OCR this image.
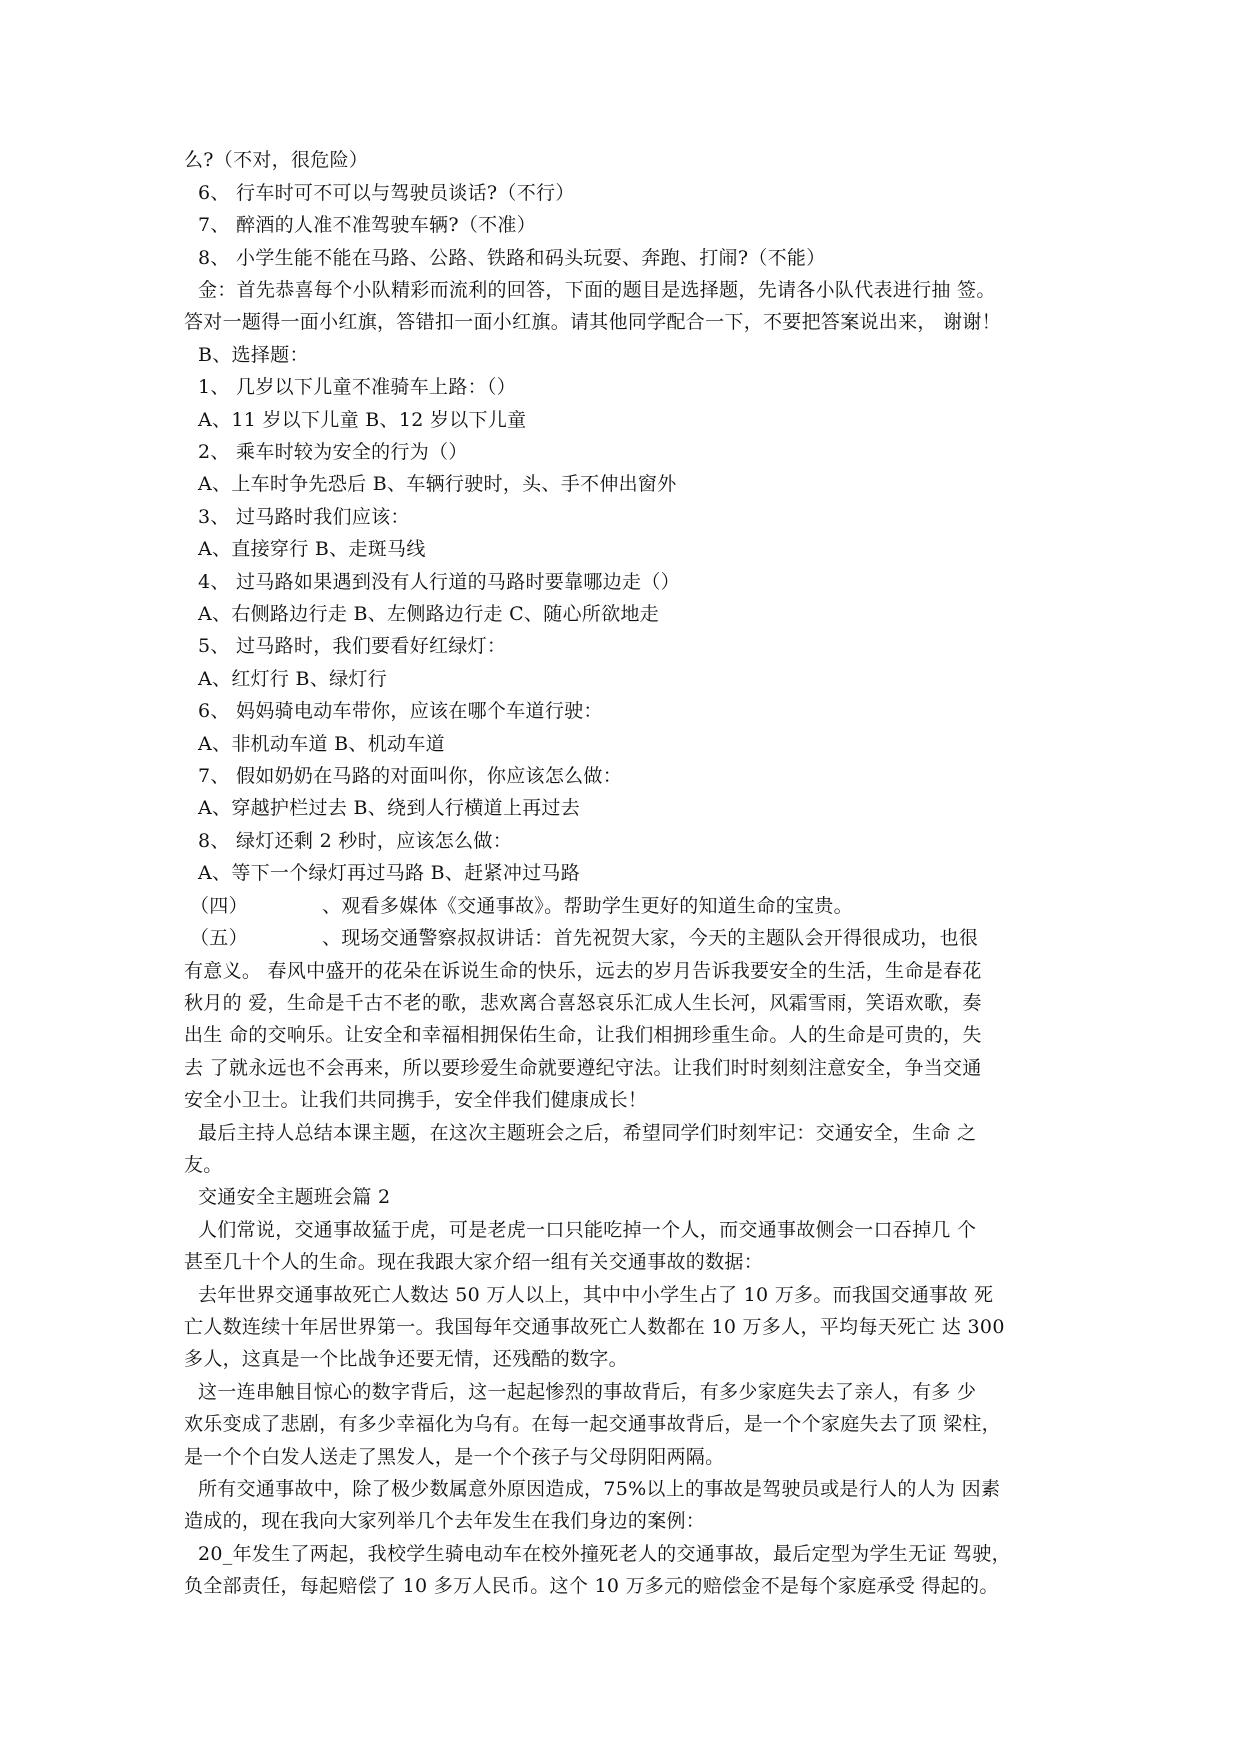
么?（不对，很危险）
6、 行车时可不可以与驾驶员谈话?（不行）
7、 醉酒的人准不准驾驶车辆?（不准）
8、 小学生能不能在马路、公路、铁路和码头玩耍、奔跑、打闹?（不能）
金：首先恭喜每个小队精彩而流利的回答，下面的题目是选择题，先请各小队代表进行抽 签。
答对一题得一面小红旗，答错扣一面小红旗。请其他同学配合一下，不要把答案说出来， 谢谢！
B、选择题：
1、 几岁以下儿童不准骑车上路：（）
A、11 岁以下儿童 B、12 岁以下儿童
2、 乘车时较为安全的行为（）
A、上车时争先恐后 B、车辆行驶时，头、手不伸出窗外
3、 过马路时我们应该：
A、直接穿行 B、走斑马线
4、 过马路如果遇到没有人行道的马路时要靠哪边走（）
A、右侧路边行走 B、左侧路边行走 C、随心所欲地走
5、 过马路时，我们要看好红绿灯：
A、红灯行 B、绿灯行
6、 妈妈骑电动车带你，应该在哪个车道行驶：
A、非机动车道 B、机动车道
7、 假如奶奶在马路的对面叫你，你应该怎么做：
A、穿越护栏过去 B、绕到人行横道上再过去
8、 绿灯还剩 2 秒时，应该怎么做：
A、等下一个绿灯再过马路 B、赶紧冲过马路
（四）	、观看多媒体《交通事故》。帮助学生更好的知道生命的宝贵。
（五）	、现场交通警察叔叔讲话：首先祝贺大家，今天的主题队会开得很成功，也很
有意义。 春风中盛开的花朵在诉说生命的快乐，远去的岁月告诉我要安全的生活，生命是春花
秋月的 爱，生命是千古不老的歌，悲欢离合喜怒哀乐汇成人生长河，风霜雪雨，笑语欢歌，奏
出生 命的交响乐。让安全和幸福相拥保佑生命，让我们相拥珍重生命。人的生命是可贵的，失
去 了就永远也不会再来，所以要珍爱生命就要遵纪守法。让我们时时刻刻注意安全，争当交通
安全小卫士。让我们共同携手，安全伴我们健康成长！
最后主持人总结本课主题，在这次主题班会之后，希望同学们时刻牢记：交通安全，生命 之
友。
交通安全主题班会篇 2
人们常说，交通事故猛于虎，可是老虎一口只能吃掉一个人，而交通事故侧会一口吞掉几 个
甚至几十个人的生命。现在我跟大家介绍一组有关交通事故的数据：
去年世界交通事故死亡人数达 50 万人以上，其中中小学生占了 10 万多。而我国交通事故 死
亡人数连续十年居世界第一。我国每年交通事故死亡人数都在 10 万多人，平均每天死亡 达 300
多人，这真是一个比战争还要无情，还残酷的数字。
这一连串触目惊心的数字背后，这一起起惨烈的事故背后，有多少家庭失去了亲人，有多 少
欢乐变成了悲剧，有多少幸福化为乌有。在每一起交通事故背后，是一个个家庭失去了顶 梁柱，
是一个个白发人送走了黑发人，是一个个孩子与父母阴阳两隔。
所有交通事故中，除了极少数属意外原因造成，75%以上的事故是驾驶员或是行人的人为 因素
造成的，现在我向大家列举几个去年发生在我们身边的案例：
20_年发生了两起，我校学生骑电动车在校外撞死老人的交通事故，最后定型为学生无证 驾驶，
负全部责任，每起赔偿了 10 多万人民币。这个 10 万多元的赔偿金不是每个家庭承受 得起的。
